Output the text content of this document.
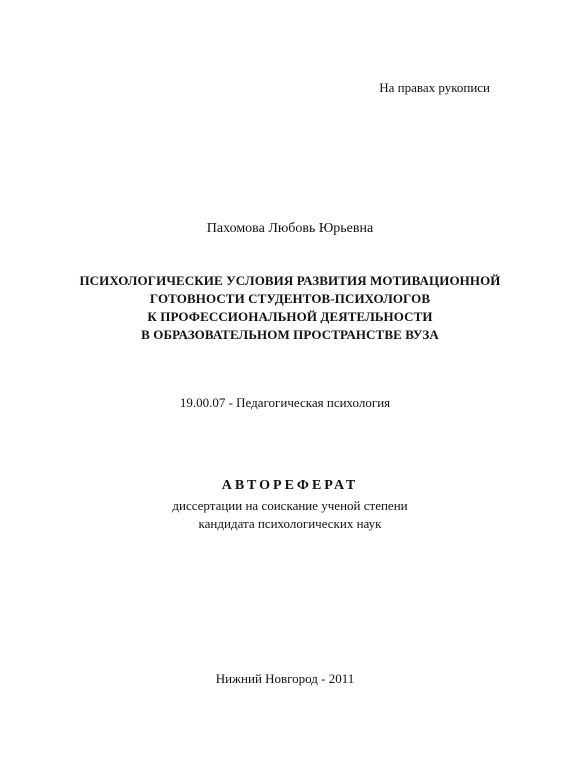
На правах рукописи
Пахомова Любовь Юрьевна
ПСИХОЛОГИЧЕСКИЕ УСЛОВИЯ РАЗВИТИЯ МОТИВАЦИОННОЙ
ГОТОВНОСТИ СТУДЕНТОВ-ПСИХОЛОГОВ
К ПРОФЕССИОНАЛЬНОЙ ДЕЯТЕЛЬНОСТИ
В ОБРАЗОВАТЕЛЬНОМ ПРОСТРАНСТВЕ ВУЗА
19.00.07 - Педагогическая психология
АВТОРЕФЕРАТ
диссертации на соискание ученой степени
кандидата психологических наук
Нижний Новгород - 2011
